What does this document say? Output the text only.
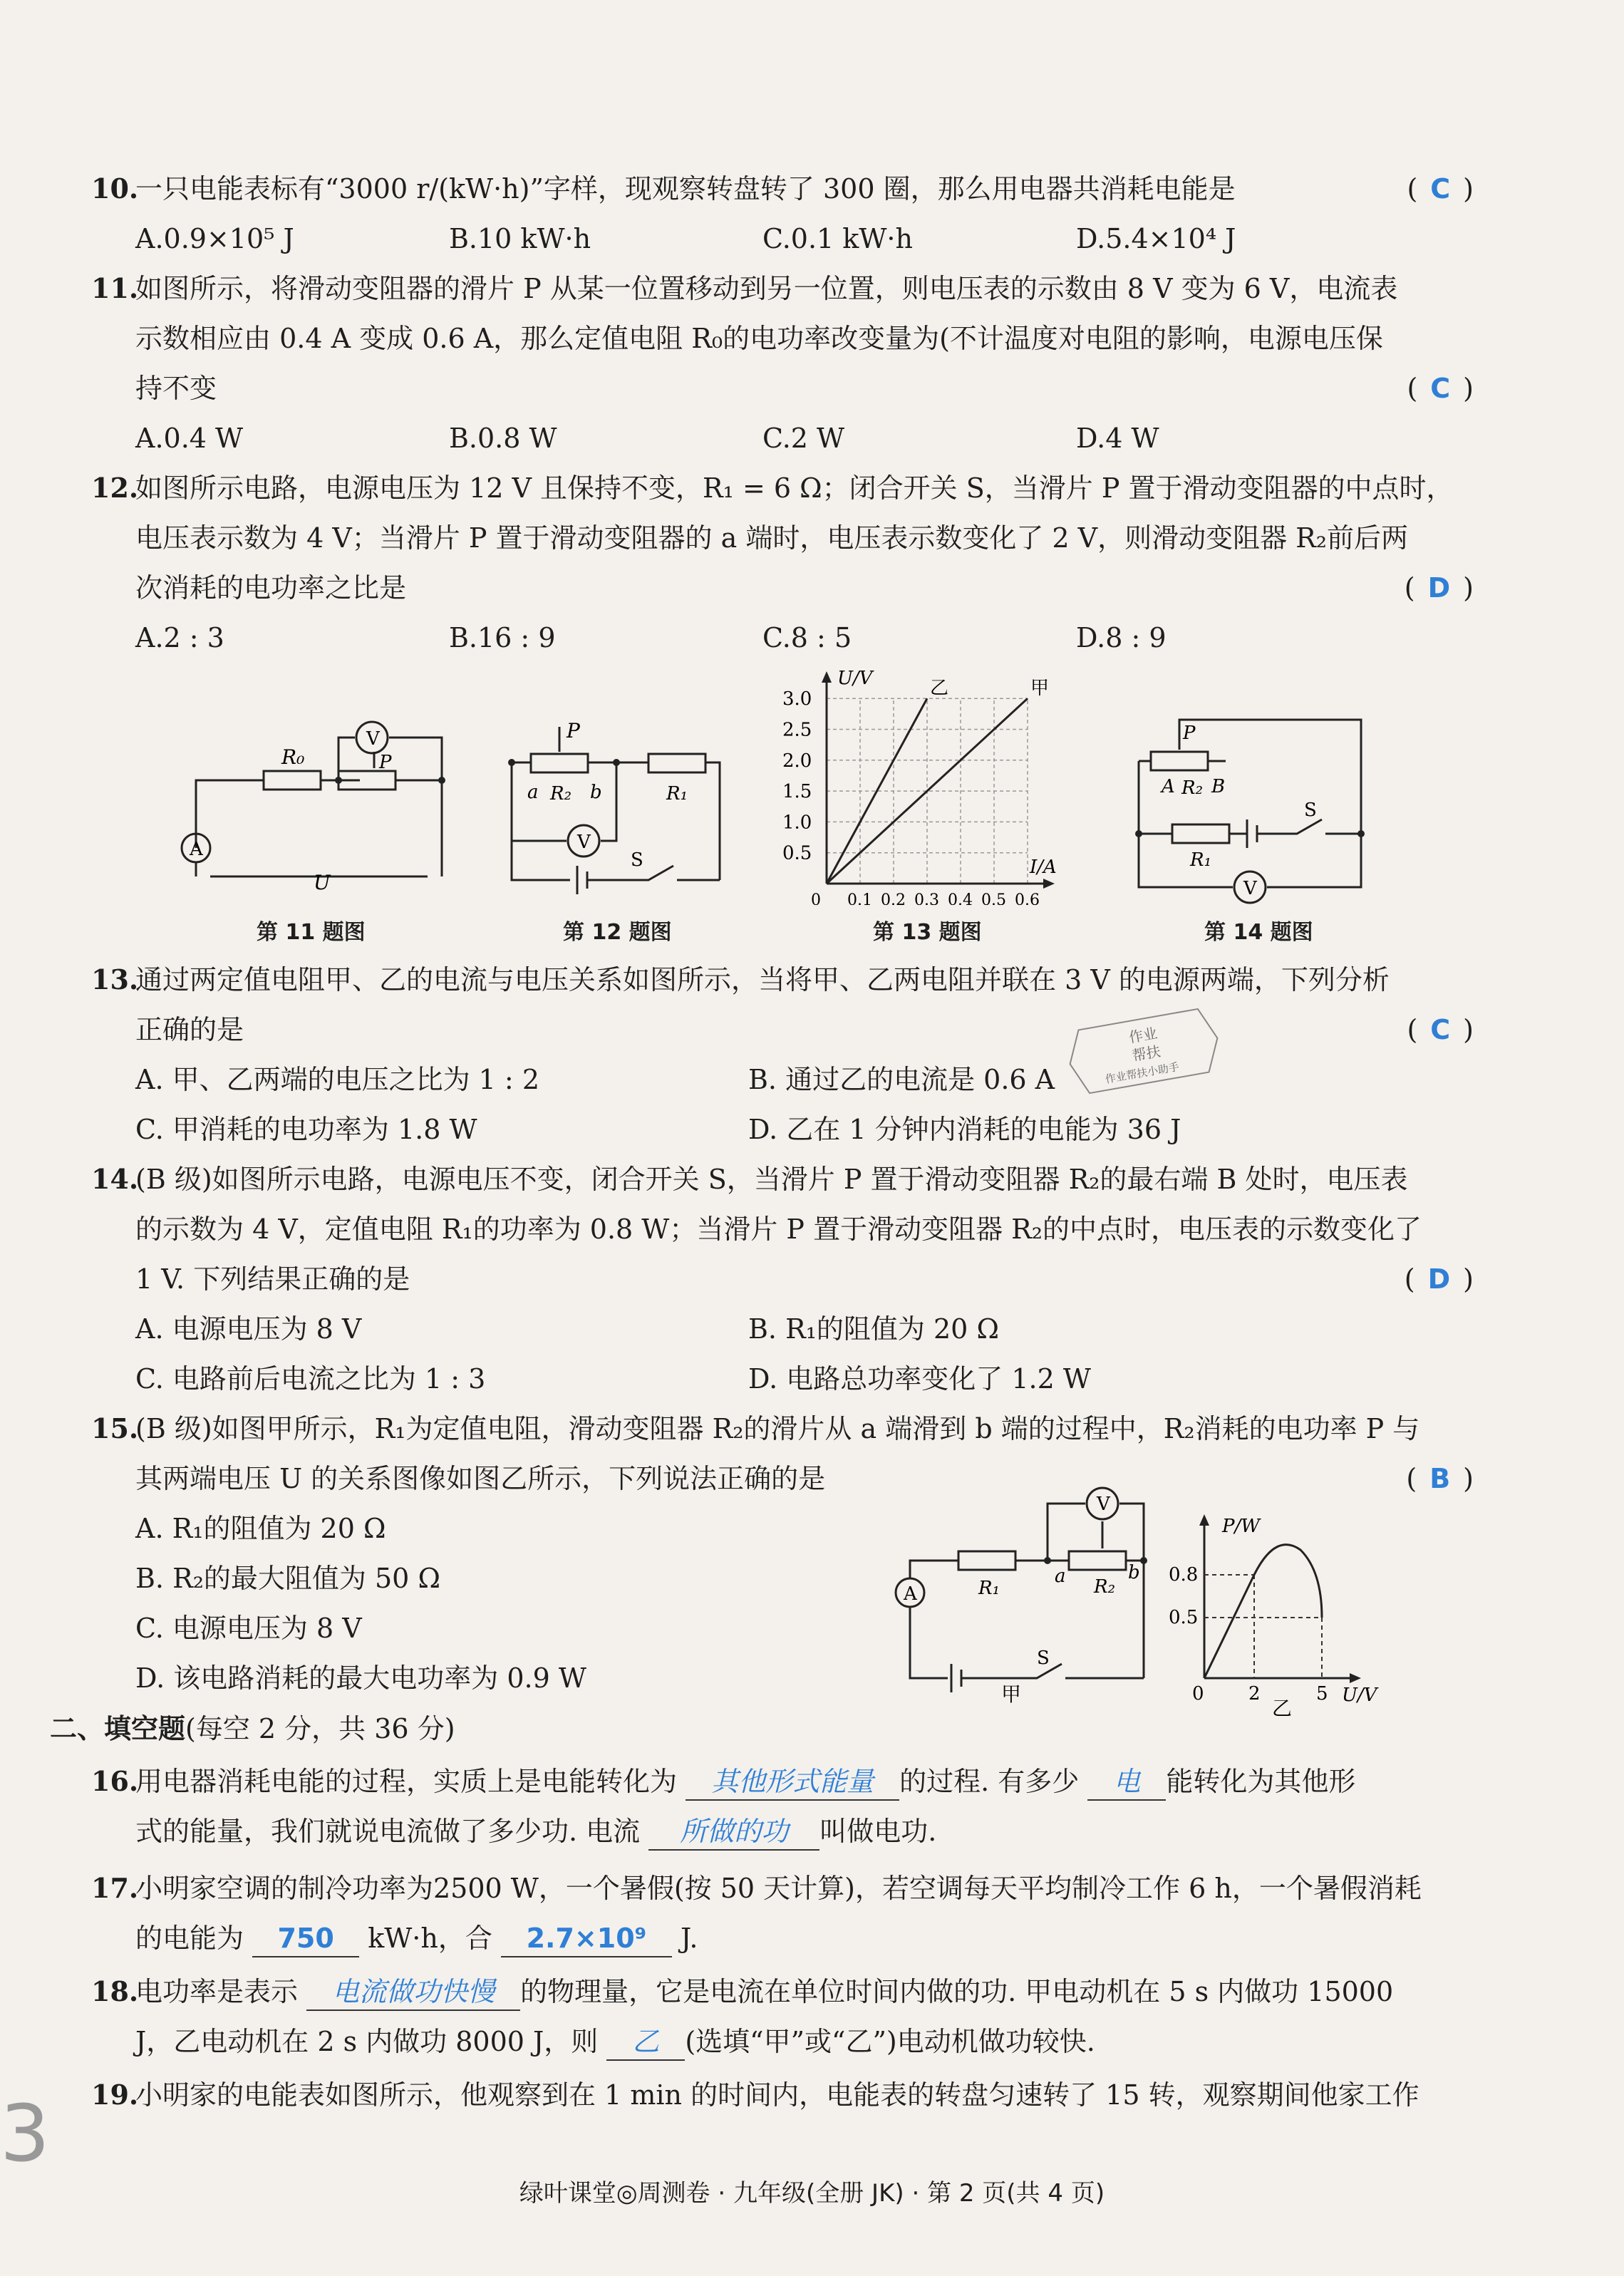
10.一只电能表标有“3000 r/(kW·h)”字样，现观察转盘转了 300 圈，那么用电器共消耗电能是	( C )
A.0.9×10⁵ J	B.10 kW·h	C.0.1 kW·h	D.5.4×10⁴ J
11.如图所示，将滑动变阻器的滑片 P 从某一位置移动到另一位置，则电压表的示数由 8 V 变为 6 V，电流表
示数相应由 0.4 A 变成 0.6 A，那么定值电阻 R₀的电功率改变量为(不计温度对电阻的影响，电源电压保
持不变	( C )
A.0.4 W	B.0.8 W	C.2 W	D.4 W
12.如图所示电路，电源电压为 12 V 且保持不变，R₁ = 6 Ω；闭合开关 S，当滑片 P 置于滑动变阻器的中点时，
电压表示数为 4 V；当滑片 P 置于滑动变阻器的 a 端时，电压表示数变化了 2 V，则滑动变阻器 R₂前后两
次消耗的电功率之比是	( D )
A.2 : 3	B.16 : 9	C.8 : 5	D.8 : 9
R₀
V
P
A
U
第 11 题图
P
a R₂ b	R₁
V
S
第 12 题图
0.5
1.0
1.5
2.0
2.5
3.0
0 0.1 0.2 0.3 0.4 0.5 0.6
乙	甲
U/V
I/A
第 13 题图
P
A R₂ B
S
R₁
V
第 14 题图
13.通过两定值电阻甲、乙的电流与电压关系如图所示，当将甲、乙两电阻并联在 3 V 的电源两端，下列分析
正确的是	( C )
A. 甲、乙两端的电压之比为 1 : 2	B. 通过乙的电流是 0.6 A
C. 甲消耗的电功率为 1.8 W	D. 乙在 1 分钟内消耗的电能为 36 J
作业
帮扶
作业帮扶小助手
14.(B 级)如图所示电路，电源电压不变，闭合开关 S，当滑片 P 置于滑动变阻器 R₂的最右端 B 处时，电压表
的示数为 4 V，定值电阻 R₁的功率为 0.8 W；当滑片 P 置于滑动变阻器 R₂的中点时，电压表的示数变化了
1 V. 下列结果正确的是	( D )
A. 电源电压为 8 V	B. R₁的阻值为 20 Ω
C. 电路前后电流之比为 1 : 3	D. 电路总功率变化了 1.2 W
15.(B 级)如图甲所示，R₁为定值电阻，滑动变阻器 R₂的滑片从 a 端滑到 b 端的过程中，R₂消耗的电功率 P 与
其两端电压 U 的关系图像如图乙所示，下列说法正确的是	( B )
A. R₁的阻值为 20 Ω
B. R₂的最大阻值为 50 Ω
C. 电源电压为 8 V
D. 该电路消耗的最大电功率为 0.9 W
V
R₁
a R₂
b
A
S
甲
P/W
0.8
0.5
0 2	5 U/V
乙
二、填空题(每空 2 分，共 36 分)
16.用电器消耗电能的过程，实质上是电能转化为 其他形式能量 的过程. 有多少 电 能转化为其他形
式的能量，我们就说电流做了多少功. 电流 所做的功 叫做电功.
17.小明家空调的制冷功率为2500 W，一个暑假(按 50 天计算)，若空调每天平均制冷工作 6 h，一个暑假消耗
的电能为 750 kW·h，合 2.7×10⁹ J.
18.电功率是表示 电流做功快慢 的物理量，它是电流在单位时间内做的功. 甲电动机在 5 s 内做功 15000
J，乙电动机在 2 s 内做功 8000 J，则 乙 (选填“甲”或“乙”)电动机做功较快.
19.小明家的电能表如图所示，他观察到在 1 min 的时间内，电能表的转盘匀速转了 15 转，观察期间他家工作
3
绿叶课堂◎周测卷 · 九年级(全册 JK) · 第 2 页(共 4 页)
